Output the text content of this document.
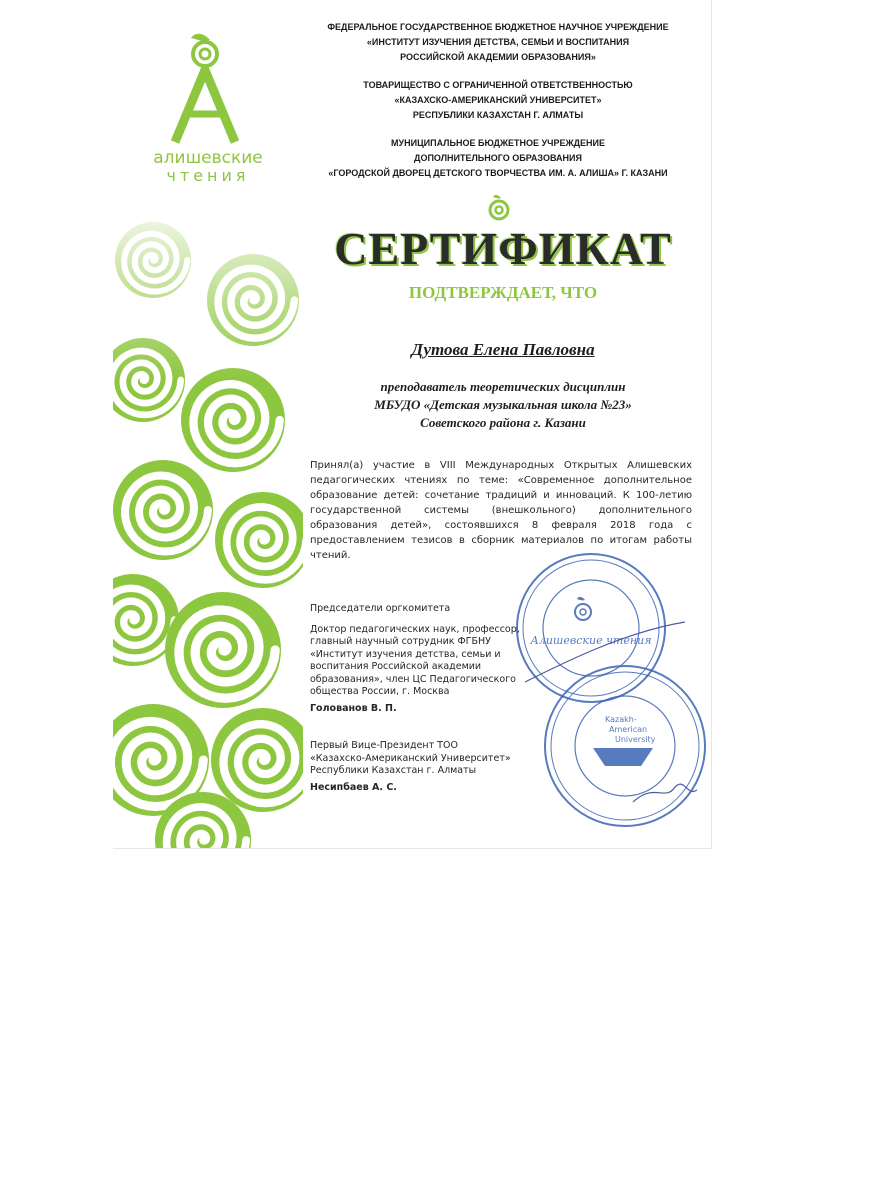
алишевские
чтения
ФЕДЕРАЛЬНОЕ ГОСУДАРСТВЕННОЕ БЮДЖЕТНОЕ НАУЧНОЕ УЧРЕЖДЕНИЕ
«ИНСТИТУТ ИЗУЧЕНИЯ ДЕТСТВА, СЕМЬИ И ВОСПИТАНИЯ
РОССИЙСКОЙ АКАДЕМИИ ОБРАЗОВАНИЯ»
ТОВАРИЩЕСТВО С ОГРАНИЧЕННОЙ ОТВЕТСТВЕННОСТЬЮ
«КАЗАХСКО-АМЕРИКАНСКИЙ УНИВЕРСИТЕТ»
РЕСПУБЛИКИ КАЗАХСТАН Г. АЛМАТЫ
МУНИЦИПАЛЬНОЕ БЮДЖЕТНОЕ УЧРЕЖДЕНИЕ
ДОПОЛНИТЕЛЬНОГО ОБРАЗОВАНИЯ
«ГОРОДСКОЙ ДВОРЕЦ ДЕТСКОГО ТВОРЧЕСТВА ИМ. А. АЛИША» Г. КАЗАНИ
СЕРТИФИКАТ
ПОДТВЕРЖДАЕТ, ЧТО
Дутова Елена Павловна
преподаватель теоретических дисциплин
МБУДО «Детская музыкальная школа №23»
Советского района г. Казани
Принял(а) участие в VIII Международных Открытых Алишевских педагогических чтениях по теме: «Современное дополнительное образование детей: сочетание традиций и инноваций. К 100-летию государственной системы (внешкольного) дополнительного образования детей», состоявшихся 8 февраля 2018 года с предоставлением тезисов в сборник материалов по итогам работы чтений.
Алишевские чтения
Kazakh-
American
University
Председатели оргкомитета
Доктор педагогических наук, профессор,
главный научный сотрудник ФГБНУ
«Институт изучения детства, семьи и
воспитания Российской академии
образования», член ЦС Педагогического
общества России, г. Москва
Голованов В. П.
Первый Вице-Президент ТОО
«Казахско-Американский Университет»
Республики Казахстан г. Алматы
Несипбаев А. С.
